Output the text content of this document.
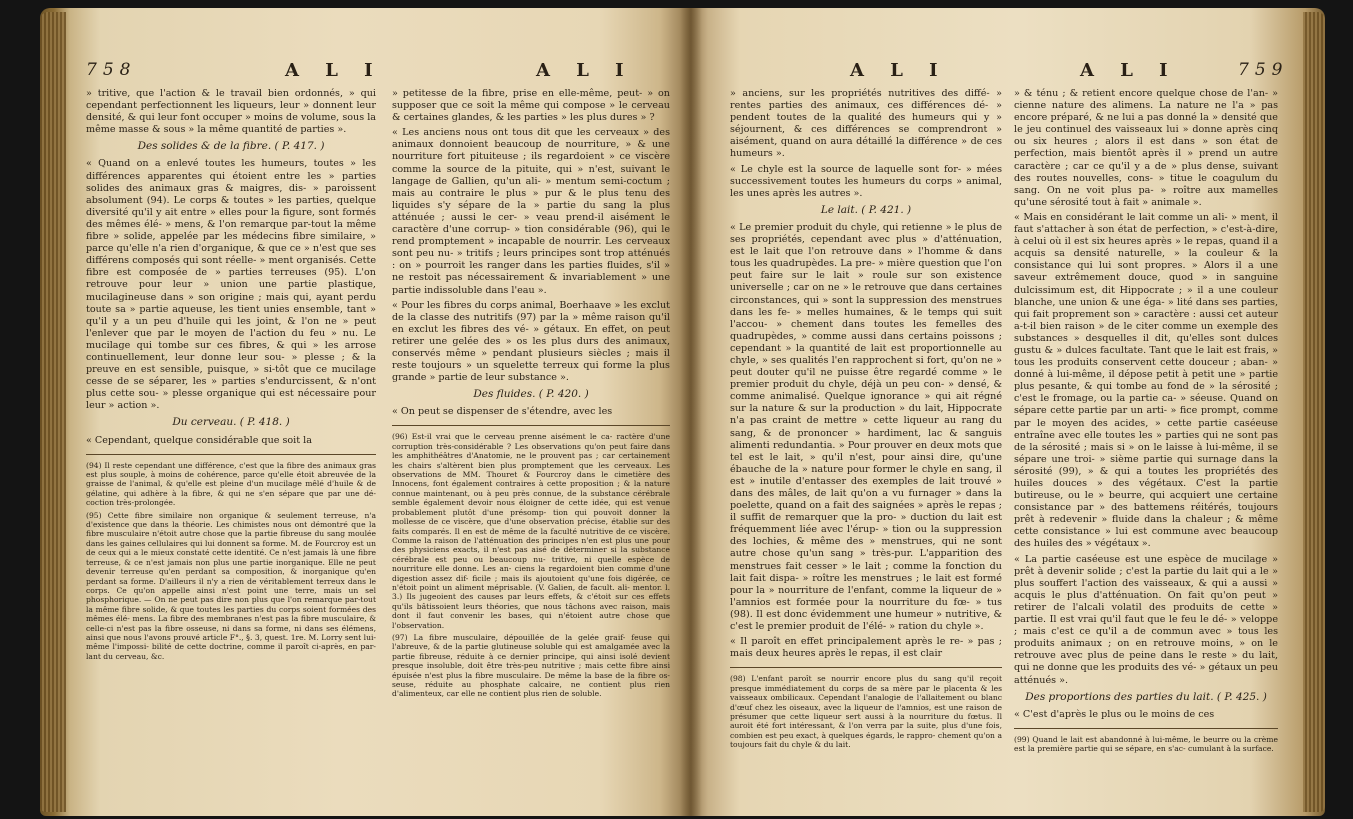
758	A L I	A L I

» tritive, que l'action & le travail bien ordonnés, » qui cependant perfectionnent les liqueurs, leur » donnent leur densité, & qui leur font occuper » moins de volume, sous la même masse & sous » la même quantité de parties ».

Des solides & de la fibre. ( P. 417. )

« Quand on a enlevé toutes les humeurs, toutes » les différences apparentes qui étoient entre les » parties solides des animaux gras & maigres, dis- » paroissent absolument (94). Le corps & toutes » les parties, quelque diversité qu'il y ait entre » elles pour la figure, sont formés des mêmes élé- » mens, & l'on remarque par-tout la même fibre » solide, appelée par les médecins fibre similaire, » parce qu'elle n'a rien d'organique, & que ce » n'est que ses différens composés qui sont réelle- » ment organisés. Cette fibre est composée de » parties terreuses (95). L'on retrouve pour leur » union une partie plastique, mucilagineuse dans » son origine ; mais qui, ayant perdu toute sa » partie aqueuse, les tient unies ensemble, tant » qu'il y a un peu d'huile qui les joint, & l'on ne » peut l'enlever que par le moyen de l'action du feu » nu. Le mucilage qui tombe sur ces fibres, & qui » les arrose continuellement, leur donne leur sou- » plesse ; & la preuve en est sensible, puisque, » si-tôt que ce mucilage cesse de se séparer, les » parties s'endurcissent, & n'ont plus cette sou- » plesse organique qui est nécessaire pour leur » action ».

Du cerveau. ( P. 418. )

« Cependant, quelque considérable que soit la

(94) Il reste cependant une différence, c'est que la fibre des animaux gras est plus souple, à moins de cohérence, parce qu'elle étoit abreuvée de la graisse de l'animal, & qu'elle est pleine d'un mucilage mêlé d'huile & de gélatine, qui adhère à la fibre, & qui ne s'en sépare que par une dé- coction très-prolongée.

(95) Cette fibre similaire non organique & seulement terreuse, n'a d'existence que dans la théorie. Les chimistes nous ont démontré que la fibre musculaire n'étoit autre chose que la partie fibreuse du sang moulée dans les gaines cellulaires qui lui donnent sa forme. M. de Fourcroy est un de ceux qui a le mieux constaté cette identité. Ce n'est jamais là une fibre terreuse, & ce n'est jamais non plus une partie inorganique. Elle ne peut devenir terreuse qu'en perdant sa composition, & inorganique qu'en perdant sa forme. D'ailleurs il n'y a rien de véritablement terreux dans le corps. Ce qu'on appelle ainsi n'est point une terre, mais un sel phosphorique. — On ne peut pas dire non plus que l'on remarque par-tout la même fibre solide, & que toutes les parties du corps soient formées des mêmes élé- mens. La fibre des membranes n'est pas la fibre musculaire, & celle-ci n'est pas la fibre osseuse, ni dans sa forme, ni dans ses élémens, ainsi que nous l'avons prouvé article F°., §. 3, quest. 1re. M. Lorry sent lui-même l'impossi- bilité de cette doctrine, comme il paroît ci-après, en par- lant du cerveau, &c.

» petitesse de la fibre, prise en elle-même, peut- » on supposer que ce soit la même qui compose » le cerveau & certaines glandes, & les parties » les plus dures » ?

« Les anciens nous ont tous dit que les cerveaux » des animaux donnoient beaucoup de nourriture, » & une nourriture fort pituiteuse ; ils regardoient » ce viscère comme la source de la pituite, qui » n'est, suivant le langage de Gallien, qu'un ali- » mentum semi-coctum ; mais au contraire le plus » pur & le plus tenu des liquides s'y sépare de la » partie du sang la plus atténuée ; aussi le cer- » veau prend-il aisément le caractère d'une corrup- » tion considérable (96), qui le rend promptement » incapable de nourrir. Les cerveaux sont peu nu- » tritifs ; leurs principes sont trop atténués : on » pourroit les ranger dans les parties fluides, s'il » ne restoit pas nécessairement & invariablement » une partie indissoluble dans l'eau ».

« Pour les fibres du corps animal, Boerhaave » les exclut de la classe des nutritifs (97) par la » même raison qu'il en exclut les fibres des vé- » gétaux. En effet, on peut retirer une gelée des » os les plus durs des animaux, conservés même » pendant plusieurs siècles ; mais il reste toujours » un squelette terreux qui forme la plus grande » partie de leur substance ».

Des fluides. ( P. 420. )

« On peut se dispenser de s'étendre, avec les

(96) Est-il vrai que le cerveau prenne aisément le ca- ractère d'une corruption très-considérable ? Les observations qu'on peut faire dans les amphithéâtres d'Anatomie, ne le prouvent pas ; car certainement les chairs s'altèrent bien plus promptement que les cerveaux. Les observations de MM. Thouret & Fourcroy dans le cimetière des Innocens, font également contraires à cette proposition ; & la nature connue maintenant, ou à peu près connue, de la substance cérébrale semble également devoir nous éloigner de cette idée, qui est venue probablement plutôt d'une présomp- tion qui pouvoit donner la mollesse de ce viscère, que d'une observation précise, établie sur des faits comparés. Il en est de même de la faculté nutritive de ce viscère. Comme la raison de l'atténuation des principes n'en est plus une pour des physiciens exacts, il n'est pas aisé de déterminer si la substance cérébrale est peu ou beaucoup nu- tritive, ni quelle espèce de nourriture elle donne. Les an- ciens la regardoient bien comme d'une digestion assez dif- ficile ; mais ils ajoutoient qu'une fois digérée, ce n'étoit point un aliment méprisable. (V. Galien, de facult. ali- mentor. l. 3.) Ils jugeoient des causes par leurs effets, & c'étoit sur ces effets qu'ils bâtissoient leurs théories, que nous tâchons avec raison, mais dont il faut convenir les bases, qui n'étoient autre chose que l'observation.

(97) La fibre musculaire, dépouillée de la gelée graif- feuse qui l'abreuve, & de la partie glutineuse soluble qui est amalgamée avec la partie fibreuse, réduite à ce dernier principe, qui ainsi isolé devient presque insoluble, doit être très-peu nutritive ; mais cette fibre ainsi épuisée n'est plus la fibre musculaire. De même la base de la fibre os- seuse, réduite au phosphate calcaire, ne contient plus rien d'alimenteux, car elle ne contient plus rien de soluble.

A L I	A L I	759

» anciens, sur les propriétés nutritives des diffé- » rentes parties des animaux, ces différences dé- » pendent toutes de la qualité des humeurs qui y » séjournent, & ces différences se comprendront » aisément, quand on aura détaillé la différence » de ces humeurs ».

« Le chyle est la source de laquelle sont for- » mées successivement toutes les humeurs du corps » animal, les unes après les autres ».

Le lait. ( P. 421. )

« Le premier produit du chyle, qui retienne » le plus de ses propriétés, cependant avec plus » d'atténuation, est le lait que l'on retrouve dans » l'homme & dans tous les quadrupèdes. La pre- » mière question que l'on peut faire sur le lait » roule sur son existence universelle ; car on ne » le retrouve que dans certaines circonstances, qui » sont la suppression des menstrues dans les fe- » melles humaines, & le temps qui suit l'accou- » chement dans toutes les femelles des quadrupèdes, » comme aussi dans certains poissons ; cependant » la quantité de lait est proportionnelle au chyle, » ses qualités l'en rapprochent si fort, qu'on ne » peut douter qu'il ne puisse être regardé comme » le premier produit du chyle, déjà un peu con- » densé, & comme animalisé. Quelque ignorance » qui ait régné sur la nature & sur la production » du lait, Hippocrate n'a pas craint de mettre » cette liqueur au rang du sang, & de prononcer » hardiment, lac & sanguis alimenti redundantia. » Pour prouver en deux mots que tel est le lait, » qu'il n'est, pour ainsi dire, qu'une ébauche de la » nature pour former le chyle en sang, il est » inutile d'entasser des exemples de lait trouvé » dans des mâles, de lait qu'on a vu furnager » dans la poelette, quand on a fait des saignées » après le repas ; il suffit de remarquer que la pro- » duction du lait est fréquemment liée avec l'érup- » tion ou la suppression des lochies, & même des » menstrues, qui ne sont autre chose qu'un sang » très-pur. L'apparition des menstrues fait cesser » le lait ; comme la fonction du lait fait dispa- » roître les menstrues ; le lait est formé pour la » nourriture de l'enfant, comme la liqueur de » l'amnios est formée pour la nourriture du fœ- » tus (98). Il est donc évidemment une humeur » nutritive, & c'est le premier produit de l'élé- » ration du chyle ».

« Il paroît en effet principalement après le re- » pas ; mais deux heures après le repas, il est clair

(98) L'enfant paroît se nourrir encore plus du sang qu'il reçoit presque immédiatement du corps de sa mère par le placenta & les vaisseaux ombilicaux. Cependant l'analogie de l'allaitement ou blanc d'œuf chez les oiseaux, avec la liqueur de l'amnios, est une raison de présumer que cette liqueur sert aussi à la nourriture du fœtus. Il auroit été fort intéressant, & l'on verra par la suite, plus d'une fois, combien est peu exact, à quelques égards, le rappro- chement qu'on a toujours fait du chyle & du lait.

» & ténu ; & retient encore quelque chose de l'an- » cienne nature des alimens. La nature ne l'a » pas encore préparé, & ne lui a pas donné la » densité que le jeu continuel des vaisseaux lui » donne après cinq ou six heures ; alors il est dans » son état de perfection, mais bientôt après il » prend un autre caractère ; car ce qu'il y a de » plus dense, suivant des routes nouvelles, cons- » titue le coagulum du sang. On ne voit plus pa- » roître aux mamelles qu'une sérosité tout à fait » animale ».

« Mais en considérant le lait comme un ali- » ment, il faut s'attacher à son état de perfection, » c'est-à-dire, à celui où il est six heures après » le repas, quand il a acquis sa densité naturelle, » la couleur & la consistance qui lui sont propres. » Alors il a une saveur extrêmement douce, quod » in sanguine dulcissimum est, dit Hippocrate ; » il a une couleur blanche, une union & une éga- » lité dans ses parties, qui fait proprement son » caractère : aussi cet auteur a-t-il bien raison » de le citer comme un exemple des substances » desquelles il dit, qu'elles sont dulces gustu & » dulces facultate. Tant que le lait est frais, » tous les produits conservent cette douceur ; aban- » donné à lui-même, il dépose petit à petit une » partie plus pesante, & qui tombe au fond de » la sérosité ; c'est le fromage, ou la partie ca- » séeuse. Quand on sépare cette partie par un arti- » fice prompt, comme par le moyen des acides, » cette partie caséeuse entraîne avec elle toutes les » parties qui ne sont pas de la sérosité ; mais si » on le laisse à lui-même, il se sépare une troi- » sième partie qui surnage dans la sérosité (99), » & qui a toutes les propriétés des huiles douces » des végétaux. C'est la partie butireuse, ou le » beurre, qui acquiert une certaine consistance par » des battemens réitérés, toujours prêt à redevenir » fluide dans la chaleur ; & même cette consistance » lui est commune avec beaucoup des huiles des » végétaux ».

« La partie caséeuse est une espèce de mucilage » prêt à devenir solide ; c'est la partie du lait qui a le » plus souffert l'action des vaisseaux, & qui a aussi » acquis le plus d'atténuation. On fait qu'on peut » retirer de l'alcali volatil des produits de cette » partie. Il est vrai qu'il faut que le feu le dé- » veloppe ; mais c'est ce qu'il a de commun avec » tous les produits animaux ; on en retrouve moins, » on le retrouve avec plus de peine dans le reste » du lait, qui ne donne que les produits des vé- » gétaux un peu atténués ».

Des proportions des parties du lait. ( P. 425. )

« C'est d'après le plus ou le moins de ces

(99) Quand le lait est abandonné à lui-même, le beurre ou la crème est la première partie qui se sépare, en s'ac- cumulant à la surface.
